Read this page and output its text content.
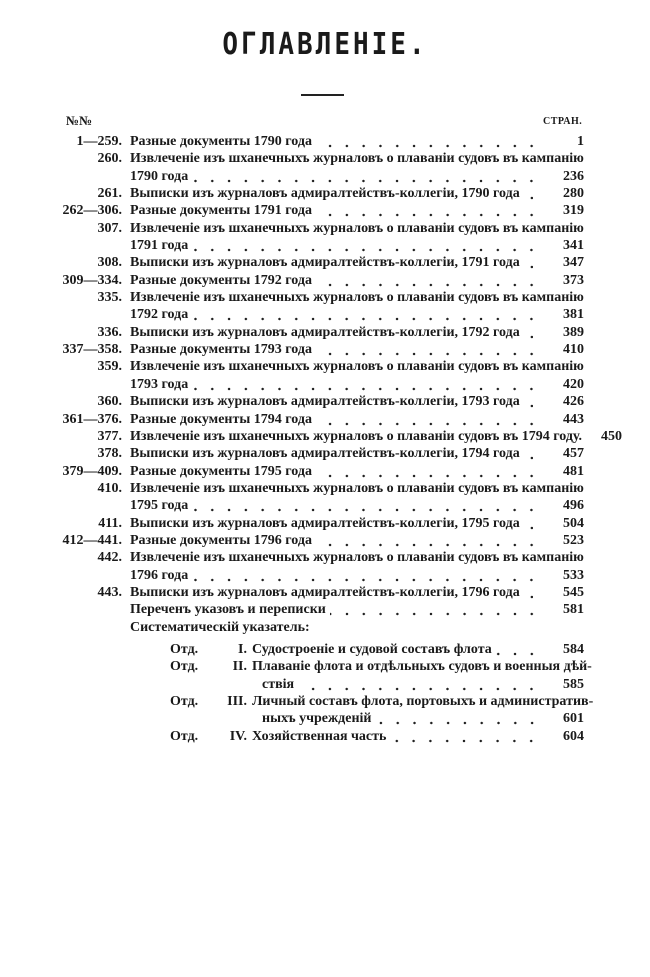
ОГЛАВЛЕНIЕ.
№№	СТРАН.
1—259. Разные документы 1790 года	1
260. Извлеченiе изъ шханечныхъ журналовъ о плаванiи судовъ въ кампанiю
1790 года	236
261. Выписки изъ журналовъ адмиралтействъ-коллегiи, 1790 года	280
262—306. Разные документы 1791 года	319
307. Извлеченiе изъ шханечныхъ журналовъ о плаванiи судовъ въ кампанiю
1791 года	341
308. Выписки изъ журналовъ адмиралтействъ-коллегiи, 1791 года	347
309—334. Разные документы 1792 года	373
335. Извлеченiе изъ шханечныхъ журналовъ о плаванiи судовъ въ кампанiю
1792 года	381
336. Выписки изъ журналовъ адмиралтействъ-коллегiи, 1792 года	389
337—358. Разные документы 1793 года	410
359. Извлеченiе изъ шханечныхъ журналовъ о плаванiи судовъ въ кампанiю
1793 года	420
360. Выписки изъ журналовъ адмиралтействъ-коллегiи, 1793 года	426
361—376. Разные документы 1794 года	443
377. Извлеченiе изъ шханечныхъ журналовъ о плаванiи судовъ въ 1794 году.	450
378. Выписки изъ журналовъ адмиралтействъ-коллегiи, 1794 года	457
379—409. Разные документы 1795 года	481
410. Извлеченiе изъ шханечныхъ журналовъ о плаванiи судовъ въ кампанiю
1795 года	496
411. Выписки изъ журналовъ адмиралтействъ-коллегiи, 1795 года	504
412—441. Разные документы 1796 года	523
442. Извлеченiе изъ шханечныхъ журналовъ о плаванiи судовъ въ кампанiю
1796 года	533
443. Выписки изъ журналовъ адмиралтействъ-коллегiи, 1796 года	545
Переченъ указовъ и переписки	581
Систематическiй указатель:
Отд.	I. Судостроенiе и судовой составъ флота	584
Отд.	II. Плаванiе флота и отдѣльныхъ судовъ и военныя дѣй-
ствiя	585
Отд.	III. Личный составъ флота, портовыхъ и административ-
ныхъ учрежденiй	601
Отд.	IV. Хозяйственная часть	604
